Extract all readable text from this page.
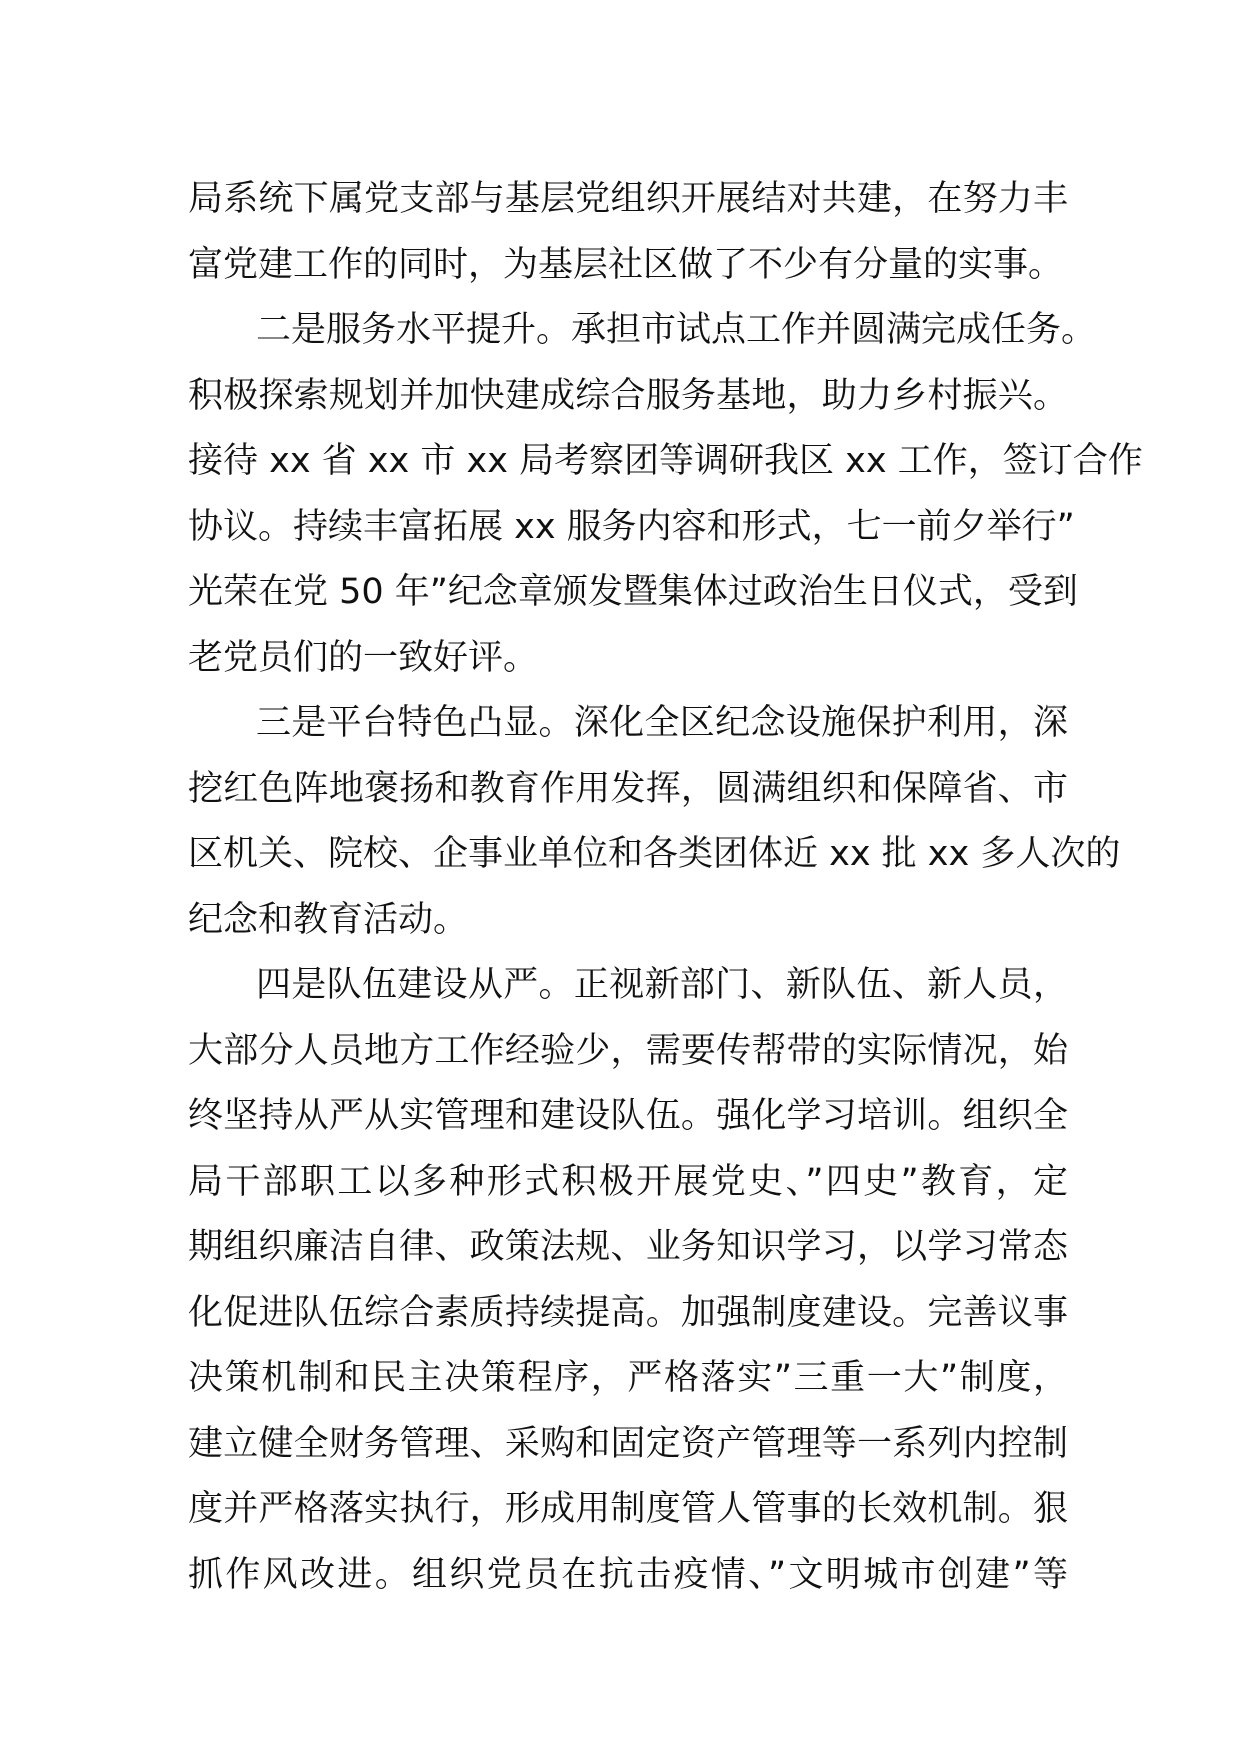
局系统下属党支部与基层党组织开展结对共建，在努力丰
富党建工作的同时，为基层社区做了不少有分量的实事。
二是服务水平提升。承担市试点工作并圆满完成任务。
积极探索规划并加快建成综合服务基地，助力乡村振兴。
接待 xx 省 xx 市 xx 局考察团等调研我区 xx 工作，签订合作
协议。持续丰富拓展 xx 服务内容和形式，七一前夕举行”
光荣在党 50 年”纪念章颁发暨集体过政治生日仪式，受到
老党员们的一致好评。
三是平台特色凸显。深化全区纪念设施保护利用，深
挖红色阵地褒扬和教育作用发挥，圆满组织和保障省、市
区机关、院校、企事业单位和各类团体近 xx 批 xx 多人次的
纪念和教育活动。
四是队伍建设从严。正视新部门、新队伍、新人员，
大部分人员地方工作经验少，需要传帮带的实际情况，始
终坚持从严从实管理和建设队伍。强化学习培训。组织全
局干部职工以多种形式积极开展党史、”四史”教育，定
期组织廉洁自律、政策法规、业务知识学习，以学习常态
化促进队伍综合素质持续提高。加强制度建设。完善议事
决策机制和民主决策程序，严格落实”三重一大”制度，
建立健全财务管理、采购和固定资产管理等一系列内控制
度并严格落实执行，形成用制度管人管事的长效机制。狠
抓作风改进。组织党员在抗击疫情、”文明城市创建”等
